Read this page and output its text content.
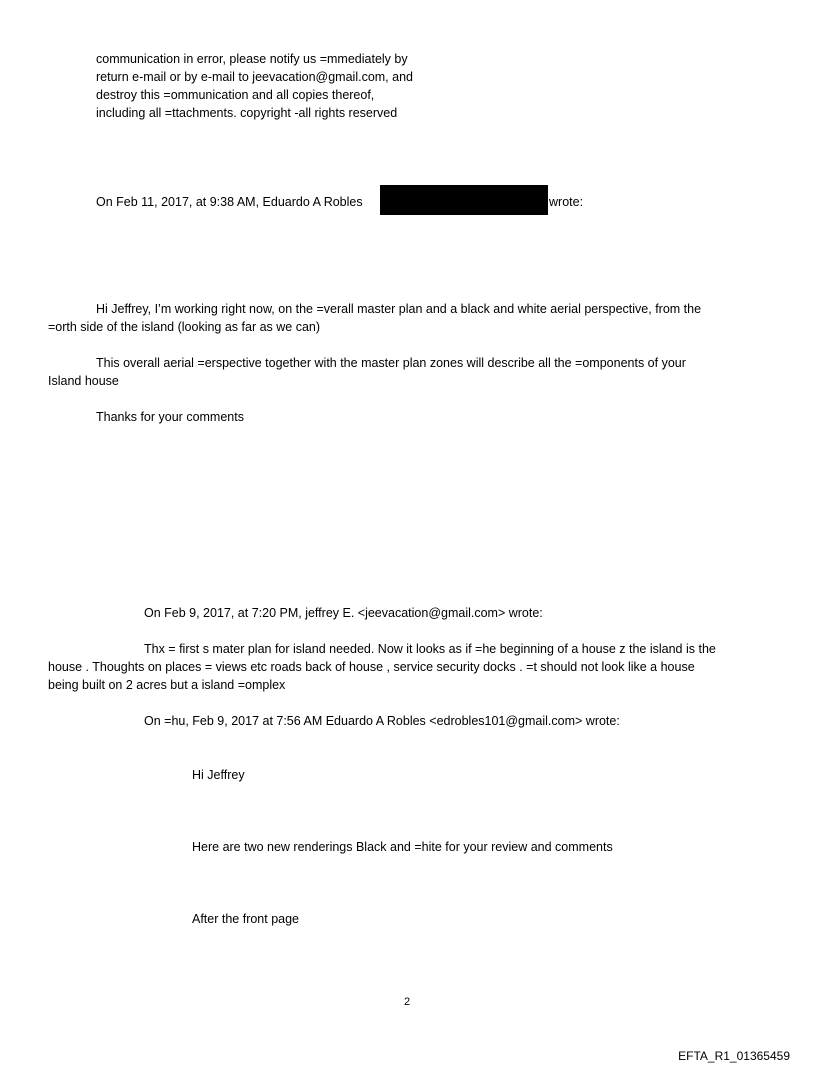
communication in error, please notify us =mmediately by
return e-mail or by e-mail to jeevacation@gmail.com, and
destroy this =ommunication and all copies thereof,
including all =ttachments. copyright -all rights reserved
On Feb 11, 2017, at 9:38 AM, Eduardo A Robles	wrote:
Hi Jeffrey, I’m working right now, on the =verall master plan and a black and white aerial perspective, from the
=orth side of the island (looking as far as we can)
This overall aerial =erspective together with the master plan zones will describe all the =omponents of your
Island house
Thanks for your comments
On Feb 9, 2017, at 7:20 PM, jeffrey E. <jeevacation@gmail.com> wrote:
Thx = first s mater plan for island needed. Now it looks as if =he beginning of a house z the island is the
house . Thoughts on places = views etc roads back of house , service security docks . =t should not look like a house
being built on 2 acres but a island =omplex
On =hu, Feb 9, 2017 at 7:56 AM Eduardo A Robles <edrobles101@gmail.com> wrote:
Hi Jeffrey
Here are two new renderings Black and =hite for your review and comments
After the front page
2
EFTA_R1_01365459
